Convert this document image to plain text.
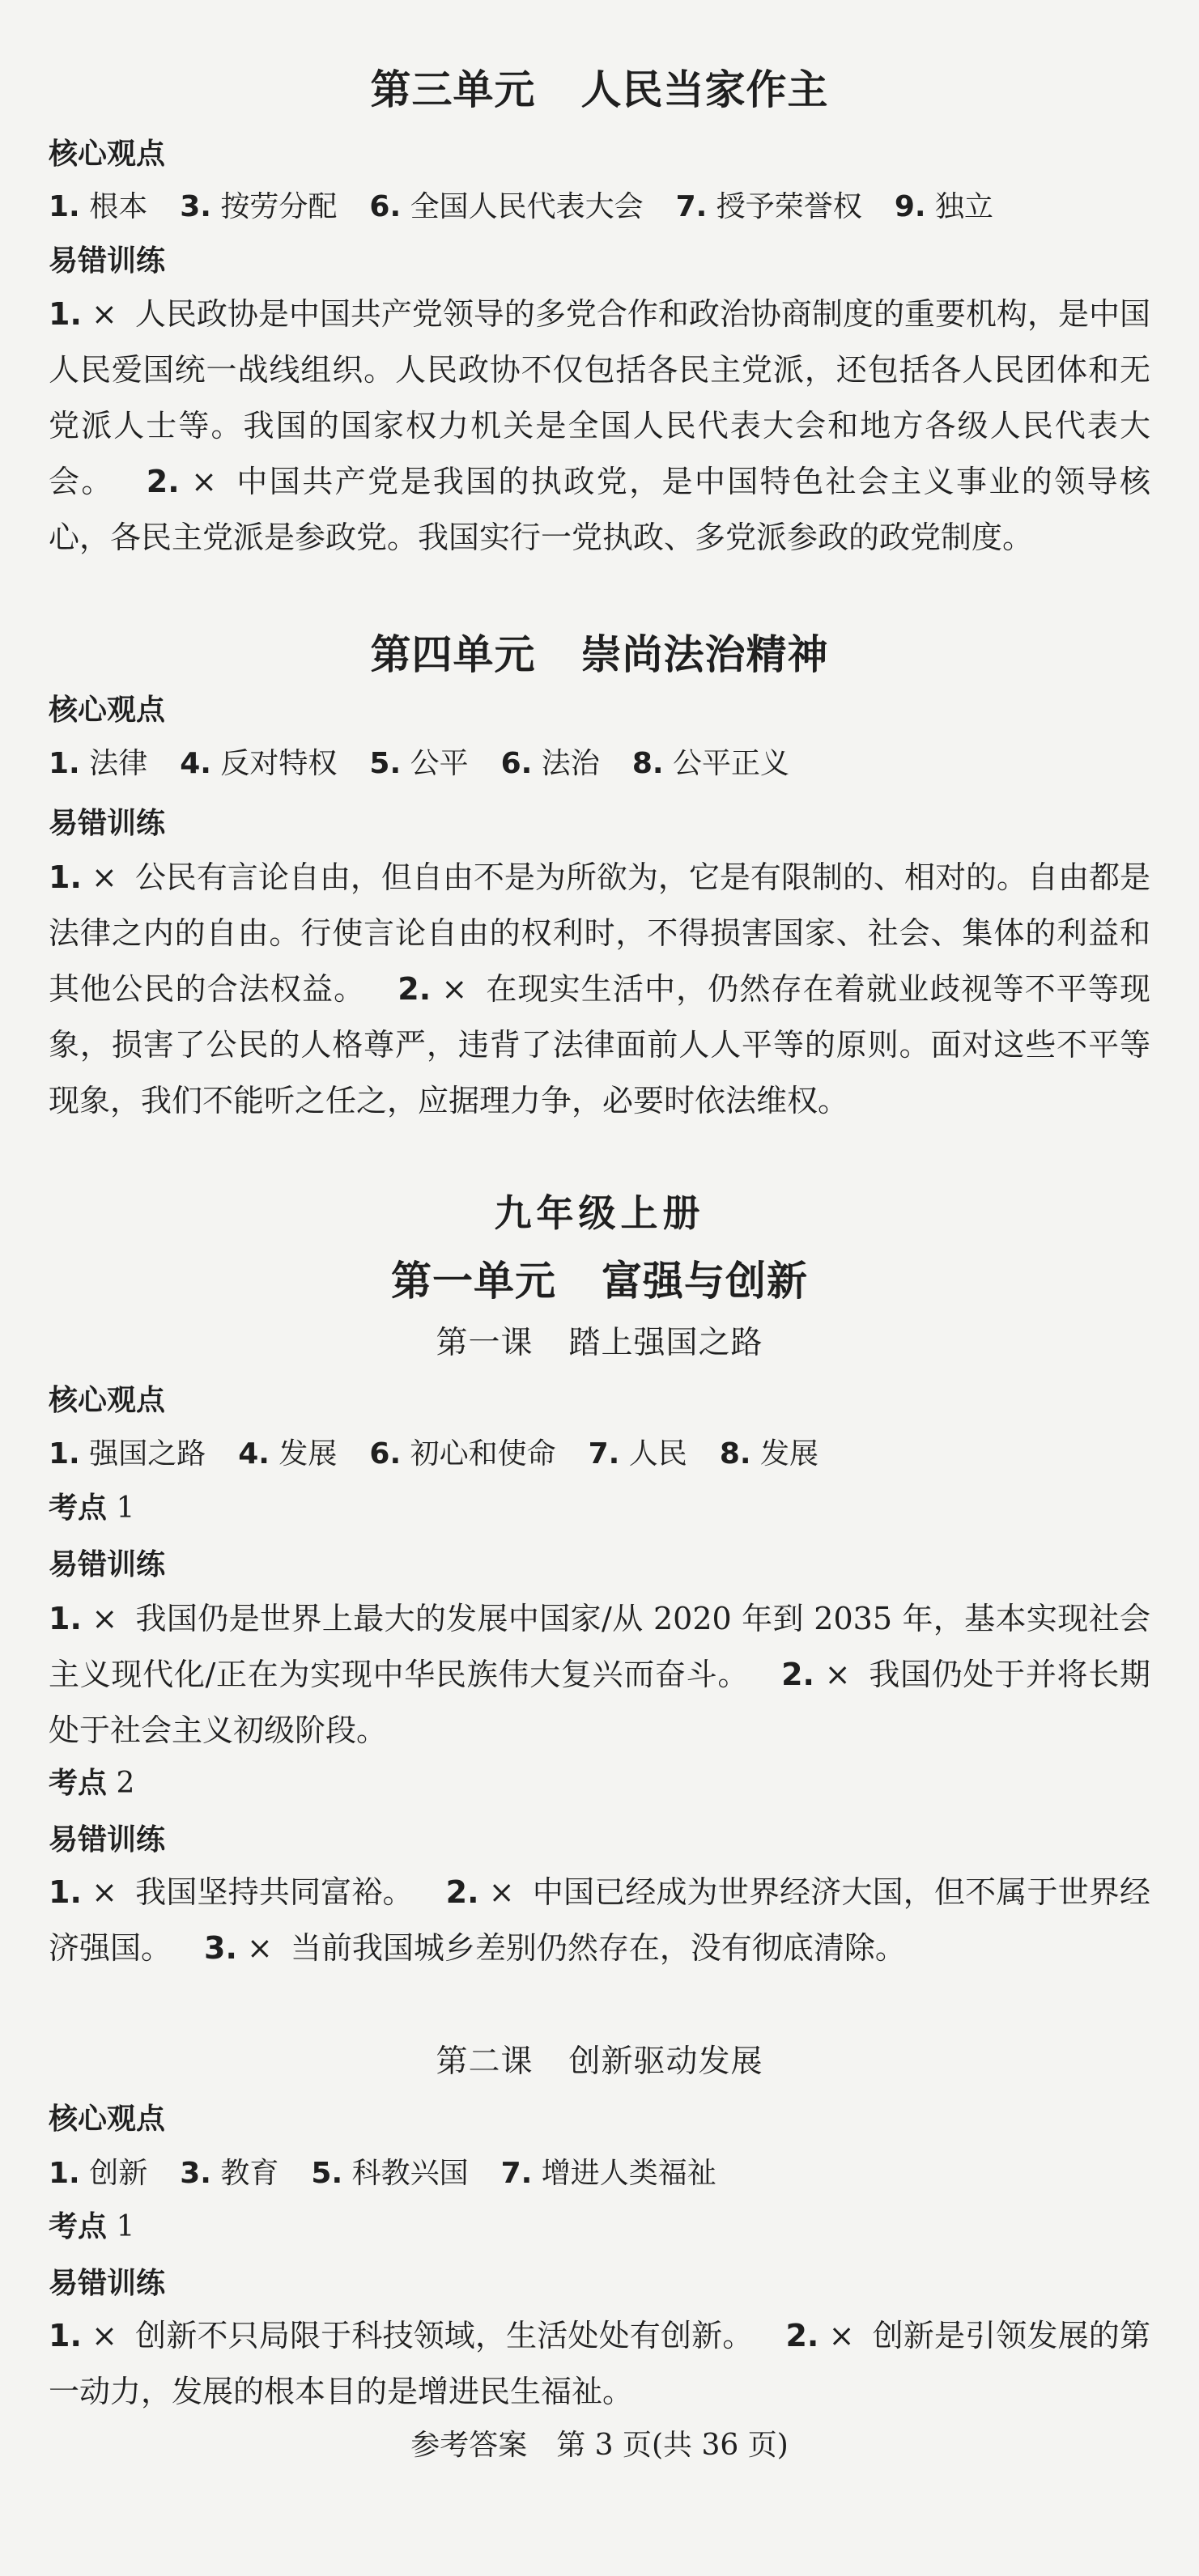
第三单元 人民当家作主
核心观点
1. 根本 3. 按劳分配 6. 全国人民代表大会 7. 授予荣誉权 9. 独立
易错训练
1. × 人民政协是中国共产党领导的多党合作和政治协商制度的重要机构，是中国人民爱国统一战线组织。人民政协不仅包括各民主党派，还包括各人民团体和无党派人士等。我国的国家权力机关是全国人民代表大会和地方各级人民代表大会。 2. × 中国共产党是我国的执政党，是中国特色社会主义事业的领导核心，各民主党派是参政党。我国实行一党执政、多党派参政的政党制度。
第四单元 崇尚法治精神
核心观点
1. 法律 4. 反对特权 5. 公平 6. 法治 8. 公平正义
易错训练
1. × 公民有言论自由，但自由不是为所欲为，它是有限制的、相对的。自由都是法律之内的自由。行使言论自由的权利时，不得损害国家、社会、集体的利益和其他公民的合法权益。 2. × 在现实生活中，仍然存在着就业歧视等不平等现象，损害了公民的人格尊严，违背了法律面前人人平等的原则。面对这些不平等现象，我们不能听之任之，应据理力争，必要时依法维权。
九年级上册
第一单元 富强与创新
第一课 踏上强国之路
核心观点
1. 强国之路 4. 发展 6. 初心和使命 7. 人民 8. 发展
考点 1
易错训练
1. × 我国仍是世界上最大的发展中国家/从 2020 年到 2035 年，基本实现社会主义现代化/正在为实现中华民族伟大复兴而奋斗。 2. × 我国仍处于并将长期处于社会主义初级阶段。
考点 2
易错训练
1. × 我国坚持共同富裕。 2. × 中国已经成为世界经济大国，但不属于世界经济强国。 3. × 当前我国城乡差别仍然存在，没有彻底清除。
第二课 创新驱动发展
核心观点
1. 创新 3. 教育 5. 科教兴国 7. 增进人类福祉
考点 1
易错训练
1. × 创新不只局限于科技领域，生活处处有创新。 2. × 创新是引领发展的第一动力，发展的根本目的是增进民生福祉。
参考答案　第 3 页(共 36 页)
